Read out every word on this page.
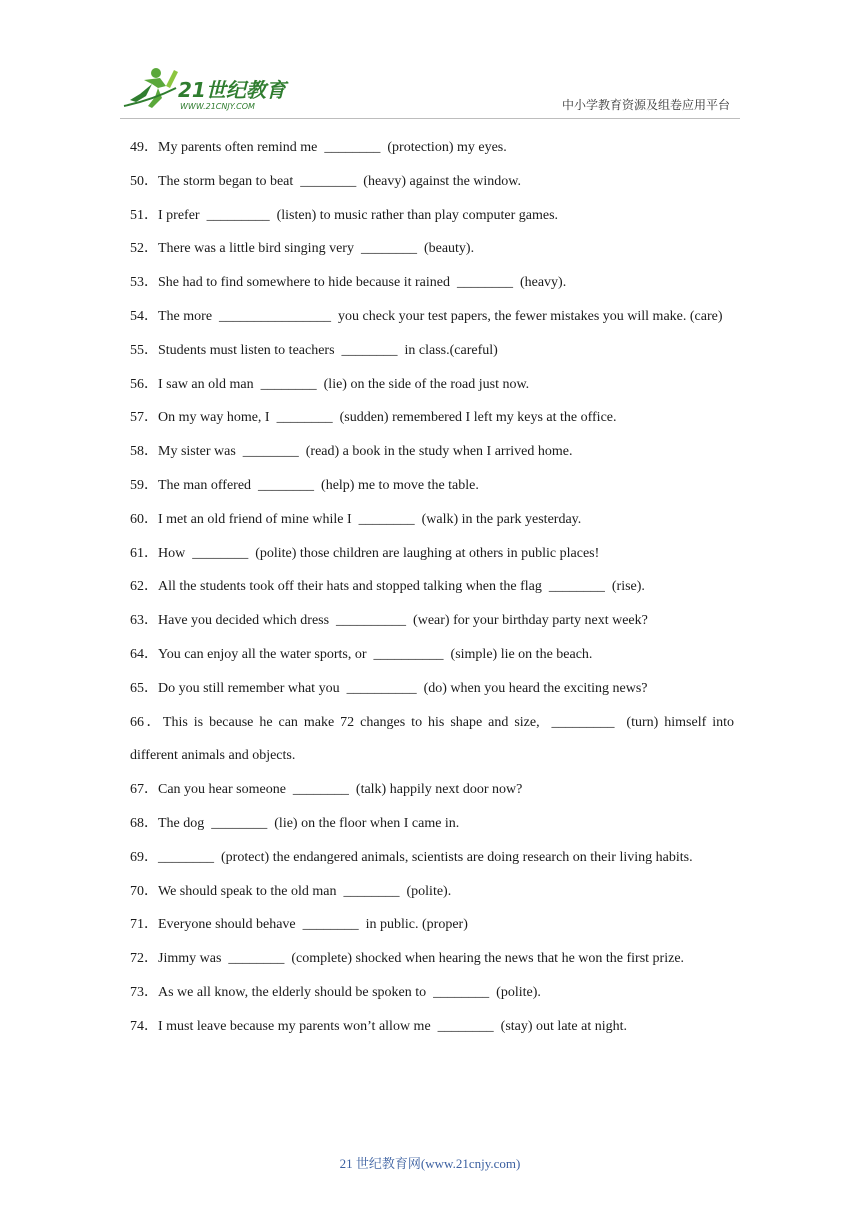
21世纪教育
WWW.21CNJY.COM	中小学教育资源及组卷应用平台

49．My parents often remind me  ________  (protection) my eyes.

50．The storm began to beat  ________  (heavy) against the window.

51．I prefer  _________  (listen) to music rather than play computer games.

52．There was a little bird singing very  ________  (beauty).

53．She had to find somewhere to hide because it rained  ________  (heavy).

54．The more  ________________  you check your test papers, the fewer mistakes you will make. (care)

55．Students must listen to teachers  ________  in class.(careful)

56．I saw an old man  ________  (lie) on the side of the road just now.

57．On my way home, I  ________  (sudden) remembered I left my keys at the office.

58．My sister was  ________  (read) a book in the study when I arrived home.

59．The man offered  ________  (help) me to move the table.

60．I met an old friend of mine while I  ________  (walk) in the park yesterday.

61．How  ________  (polite) those children are laughing at others in public places!

62．All the students took off their hats and stopped talking when the flag  ________  (rise).

63．Have you decided which dress  __________  (wear) for your birthday party next week?

64．You can enjoy all the water sports, or  __________  (simple) lie on the beach.

65．Do you still remember what you  __________  (do) when you heard the exciting news?

66．This is because he can make 72 changes to his shape and size,  _________  (turn) himself into different animals and objects.

67．Can you hear someone  ________  (talk) happily next door now?

68．The dog  ________  (lie) on the floor when I came in.

69．________  (protect) the endangered animals, scientists are doing research on their living habits.

70．We should speak to the old man  ________  (polite).

71．Everyone should behave  ________  in public. (proper)

72．Jimmy was  ________  (complete) shocked when hearing the news that he won the first prize.

73．As we all know, the elderly should be spoken to  ________  (polite).

74．I must leave because my parents won’t allow me  ________  (stay) out late at night.

21 世纪教育网(www.21cnjy.com)
